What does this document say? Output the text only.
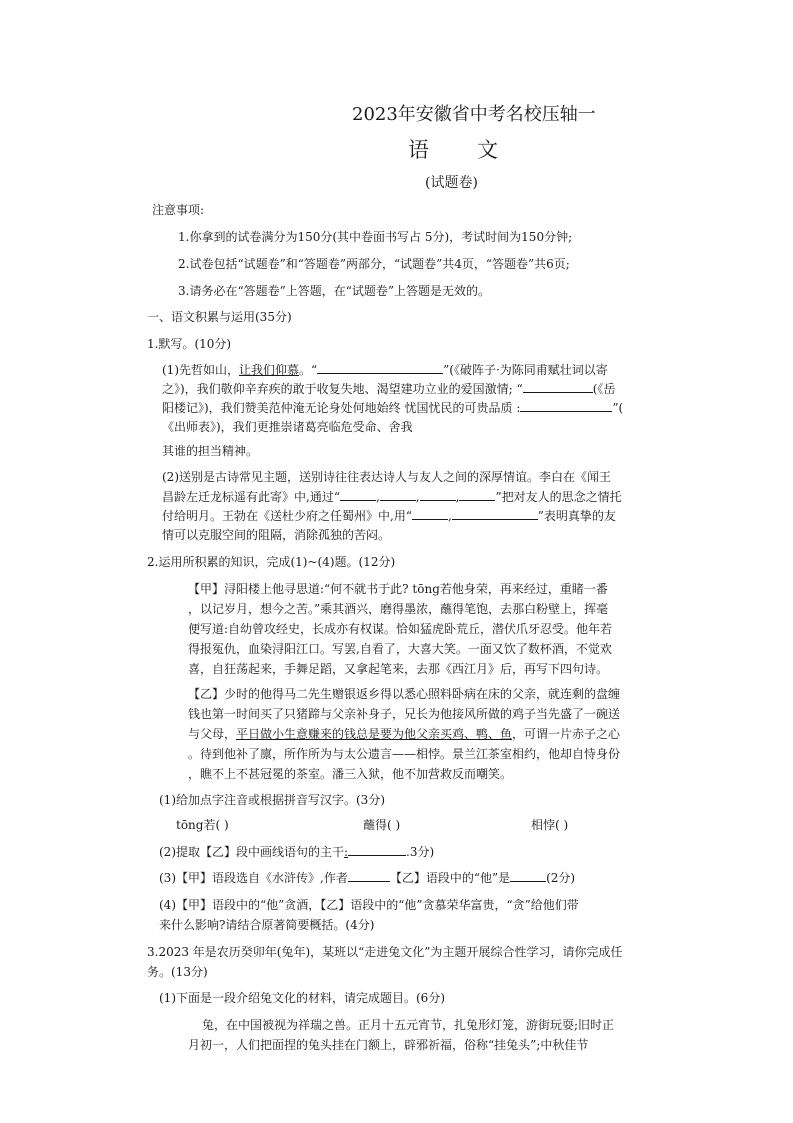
2023年安徽省中考名校压轴一
语文
(试题卷)
注意事项:
1.你拿到的试卷满分为150分(其中卷面书写占 5分)，考试时间为150分钟;
2.试卷包括“试题卷”和“答题卷”两部分，“试题卷”共4页，“答题卷”共6页;
3.请务必在“答题卷”上答题，在“试题卷”上答题是无效的。
一、语文积累与运用(35分)
1.默写。(10分)
(1)先哲如山，让我们仰慕。“	”(《破阵子·为陈同甫赋壮词以寄
之》)，我们敬仰辛弃疾的敢于收复失地、渴望建功立业的爱国激情; “	(《岳
阳楼记》)，我们赞美范仲淹无论身处何地始终 忧国忧民的可贵品质 :	”(
《出师表》)，我们更推崇诸葛亮临危受命、舍我
其谁的担当精神。
(2)送别是古诗常见主题，送别诗往往表达诗人与友人之间的深厚情谊。李白在《闻王
昌龄左迁龙标遥有此寄》中,通过“	,	,	,	”把对友人的思念之情托
付给明月。王勃在《送杜少府之任蜀州》中,用“	,	”表明真挚的友
情可以克服空间的阻隔，消除孤独的苦闷。
2.运用所积累的知识，完成(1)~(4)题。(12分)
【甲】浔阳楼上他寻思道:“何不就书于此? tōng若他身荣，再来经过，重睹一番
，以记岁月，想今之苦。”乘其酒兴，磨得墨浓，蘸得笔饱，去那白粉壁上，挥毫
便写道:自幼曾攻经史，长成亦有权谋。恰如猛虎卧荒丘，潜伏爪牙忍受。他年若
得报冤仇，血染浔阳江口。写罢,自看了，大喜大笑。一面又饮了数杯酒，不觉欢
喜，自狂荡起来，手舞足蹈，又拿起笔来，去那《西江月》后，再写下四句诗。
【乙】少时的他得马二先生赠银返乡得以悉心照料卧病在床的父亲，就连剩的盘缠
钱也第一时间买了只猪蹄与父亲补身子，兄长为他接风所做的鸡子当先盛了一碗送
与父母，平日做小生意赚来的钱总是要为他父亲买鸡、鸭、鱼，可谓一片赤子之心
。待到他补了廪，所作所为与太公遗言——相悖。景兰江茶室相约，他却自恃身份
，瞧不上不甚冠冕的茶室。潘三入狱，他不加营救反而嘲笑。
(1)给加点字注音或根据拼音写汉字。(3分)
tōng若( )	蘸得( )	相悖( )
(2)提取【乙】段中画线语句的主干:	.3分)
(3)【甲】语段选自《水浒传》,作者	【乙】语段中的“他”是	(2分)
(4)【甲】语段中的“他”贪酒，【乙】语段中的“他”贪慕荣华富贵，“贪”给他们带
来什么影响?请结合原著简要概括。(4分)
3.2023 年是农历癸卯年(兔年)，某班以“走进兔文化”为主题开展综合性学习，请你完成任
务。(13分)
(1)下面是一段介绍兔文化的材料，请完成题目。(6分)
兔，在中国被视为祥瑞之兽。正月十五元宵节，扎兔形灯笼，游街玩耍;旧时正
月初一，人们把面捏的兔头挂在门额上，辟邪祈福，俗称“挂兔头”;中秋佳节
